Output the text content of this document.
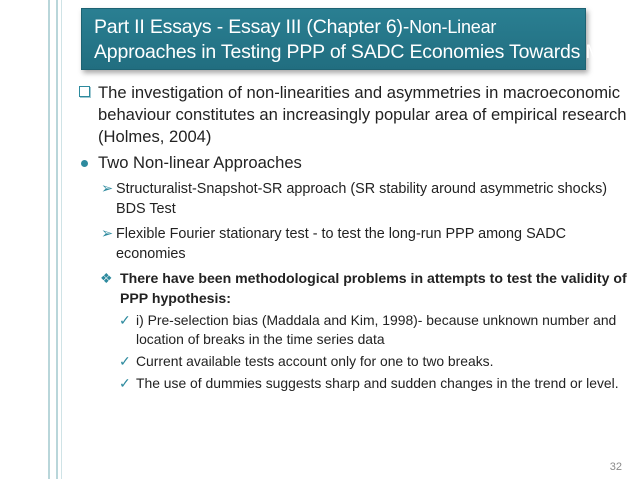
Part II Essays - Essay III (Chapter 6)-Non-Linear
Approaches in Testing PPP of SADC Economies Towards MU
The investigation of non-linearities and asymmetries in macroeconomic behaviour constitutes an increasingly popular area of empirical research (Holmes, 2004)
Two Non-linear Approaches
➢ Structuralist-Snapshot-SR approach (SR stability around asymmetric shocks) BDS Test
➢ Flexible Fourier stationary test - to test the long-run PPP among SADC economies
❖ There have been methodological problems in attempts to test the validity of PPP hypothesis:
✓ i) Pre-selection bias (Maddala and Kim, 1998)- because unknown number and location of breaks in the time series data
✓ Current available tests account only for one to two breaks.
✓ The use of dummies suggests sharp and sudden changes in the trend or level.
32
